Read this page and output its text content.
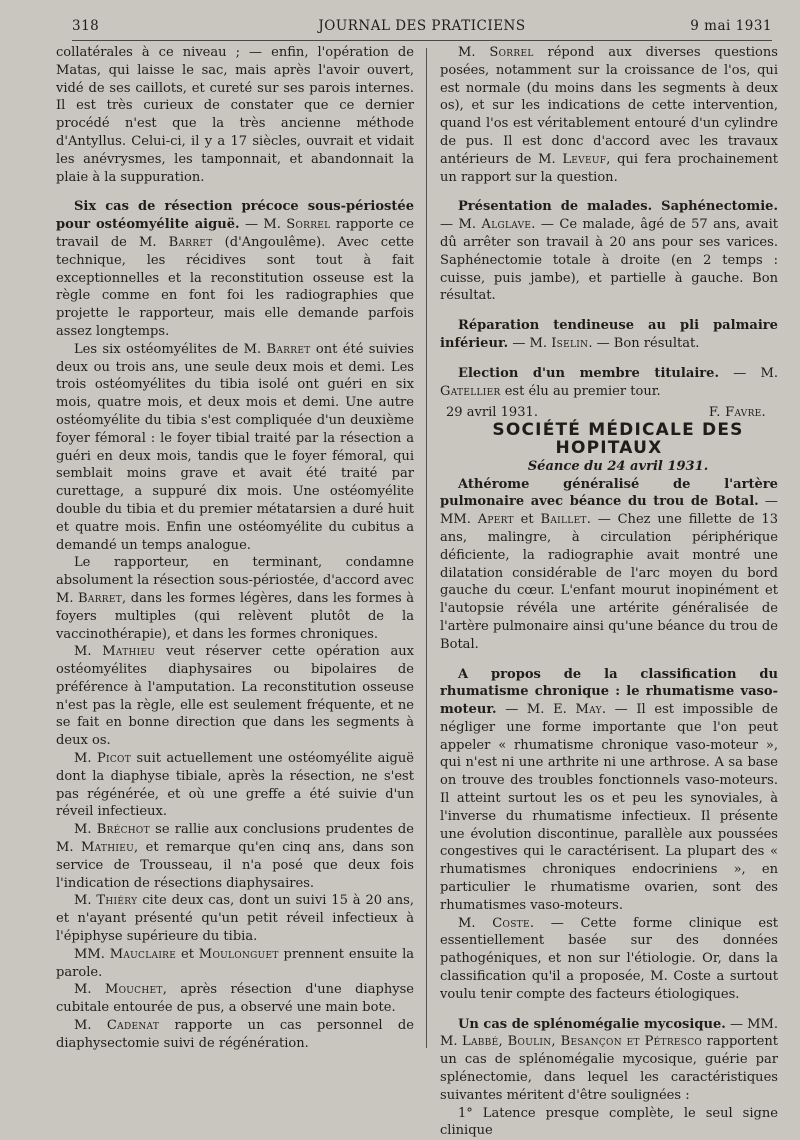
318	JOURNAL DES PRATICIENS	9 mai 1931

collatérales à ce niveau ; — enfin, l'opération de Matas, qui laisse le sac, mais après l'avoir ouvert, vidé de ses caillots, et cureté sur ses parois internes. Il est très curieux de constater que ce dernier procédé n'est que la très ancienne méthode d'Antyllus. Celui-ci, il y a 17 siècles, ouvrait et vidait les anévrysmes, les tamponnait, et abandonnait la plaie à la suppuration.

Six cas de résection précoce sous-périostée pour ostéomyélite aiguë. — M. Sorrel rapporte ce travail de M. Barret (d'Angoulême). Avec cette technique, les récidives sont tout à fait exceptionnelles et la reconstitution osseuse est la règle comme en font foi les radiographies que projette le rapporteur, mais elle demande parfois assez longtemps.

Les six ostéomyélites de M. Barret ont été suivies deux ou trois ans, une seule deux mois et demi. Les trois ostéomyélites du tibia isolé ont guéri en six mois, quatre mois, et deux mois et demi. Une autre ostéomyélite du tibia s'est compliquée d'un deuxième foyer fémoral : le foyer tibial traité par la résection a guéri en deux mois, tandis que le foyer fémoral, qui semblait moins grave et avait été traité par curettage, a suppuré dix mois. Une ostéomyélite double du tibia et du premier métatarsien a duré huit et quatre mois. Enfin une ostéomyélite du cubitus a demandé un temps analogue.

Le rapporteur, en terminant, condamne absolument la résection sous-périostée, d'accord avec M. Barret, dans les formes légères, dans les formes à foyers multiples (qui relèvent plutôt de la vaccinothérapie), et dans les formes chroniques.

M. Mathieu veut réserver cette opération aux ostéomyélites diaphysaires ou bipolaires de préférence à l'amputation. La reconstitution osseuse n'est pas la règle, elle est seulement fréquente, et ne se fait en bonne direction que dans les segments à deux os.

M. Picot suit actuellement une ostéomyélite aiguë dont la diaphyse tibiale, après la résection, ne s'est pas régénérée, et où une greffe a été suivie d'un réveil infectieux.

M. Bréchot se rallie aux conclusions prudentes de M. Mathieu, et remarque qu'en cinq ans, dans son service de Trousseau, il n'a posé que deux fois l'indication de résections diaphysaires.

M. Thiéry cite deux cas, dont un suivi 15 à 20 ans, et n'ayant présenté qu'un petit réveil infectieux à l'épiphyse supérieure du tibia.

MM. Mauclaire et Moulonguet prennent ensuite la parole.

M. Mouchet, après résection d'une diaphyse cubitale entourée de pus, a observé une main bote.

M. Cadenat rapporte un cas personnel de diaphysectomie suivi de régénération.

M. Sorrel répond aux diverses questions posées, notamment sur la croissance de l'os, qui est normale (du moins dans les segments à deux os), et sur les indications de cette intervention, quand l'os est véritablement entouré d'un cylindre de pus. Il est donc d'accord avec les travaux antérieurs de M. Leveuf, qui fera prochainement un rapport sur la question.

Présentation de malades. Saphénectomie. — M. Alglave. — Ce malade, âgé de 57 ans, avait dû arrêter son travail à 20 ans pour ses varices. Saphénectomie totale à droite (en 2 temps : cuisse, puis jambe), et partielle à gauche. Bon résultat.

Réparation tendineuse au pli palmaire inférieur. — M. Iselin. — Bon résultat.

Election d'un membre titulaire. — M. Gatellier est élu au premier tour.

29 avril 1931.	F. Favre.

SOCIÉTÉ MÉDICALE DES HOPITAUX

Séance du 24 avril 1931.

Athérome généralisé de l'artère pulmonaire avec béance du trou de Botal. — MM. Apert et Baillet. — Chez une fillette de 13 ans, malingre, à circulation périphérique déficiente, la radiographie avait montré une dilatation considérable de l'arc moyen du bord gauche du cœur. L'enfant mourut inopinément et l'autopsie révéla une artérite généralisée de l'artère pulmonaire ainsi qu'une béance du trou de Botal.

A propos de la classification du rhumatisme chronique : le rhumatisme vaso-moteur. — M. E. May. — Il est impossible de négliger une forme importante que l'on peut appeler « rhumatisme chronique vaso-moteur », qui n'est ni une arthrite ni une arthrose. A sa base on trouve des troubles fonctionnels vaso-moteurs. Il atteint surtout les os et peu les synoviales, à l'inverse du rhumatisme infectieux. Il présente une évolution discontinue, parallèle aux poussées congestives qui le caractérisent. La plupart des « rhumatismes chroniques endocriniens », en particulier le rhumatisme ovarien, sont des rhumatismes vaso-moteurs.

M. Coste. — Cette forme clinique est essentiellement basée sur des données pathogéniques, et non sur l'étiologie. Or, dans la classification qu'il a proposée, M. Coste a surtout voulu tenir compte des facteurs étiologiques.

Un cas de splénomégalie mycosique. — MM. M. Labbé, Boulin, Besançon et Pétresco rapportent un cas de splénomégalie mycosique, guérie par splénectomie, dans lequel les caractéristiques suivantes méritent d'être soulignées :

1° Latence presque complète, le seul signe clinique
